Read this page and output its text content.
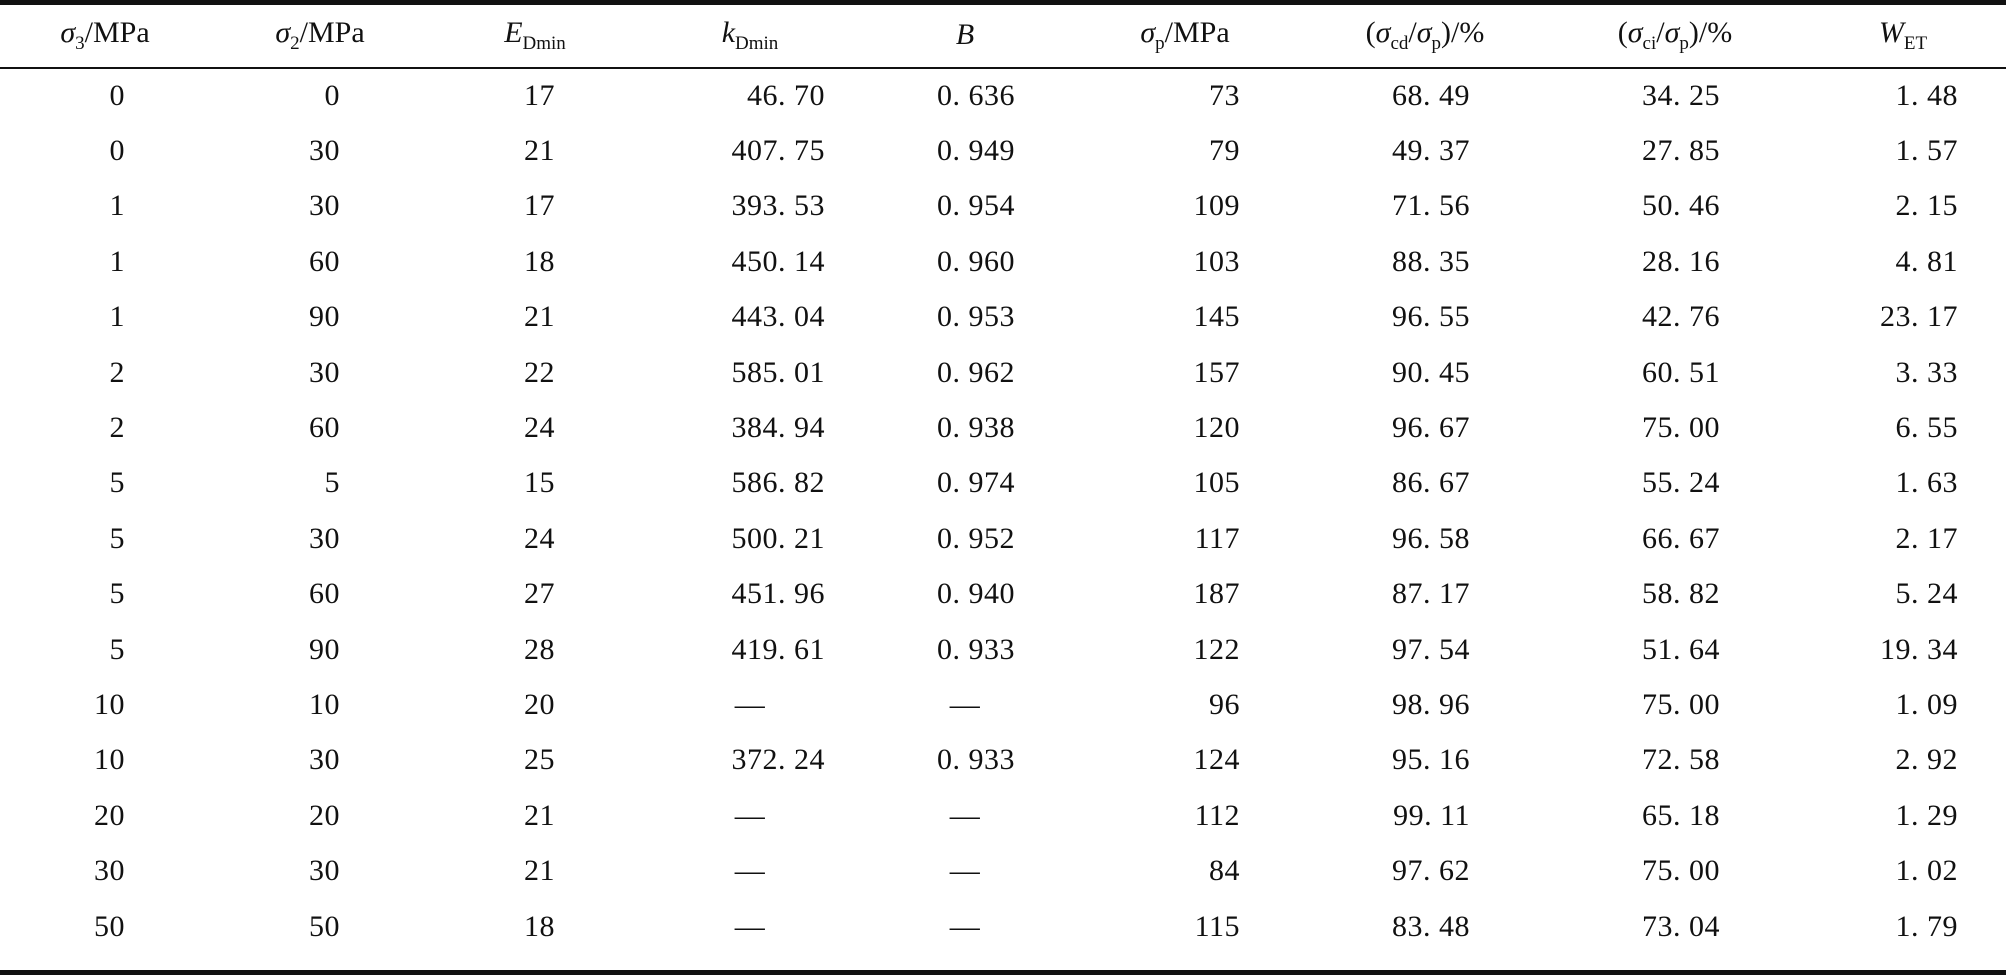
$\sigma_3$/MPa	$\sigma_2$/MPa	$E_{Dmin}$	$k_{Dmin}$	B	$\sigma_p$/MPa	$(\sigma_{cd}/\sigma_p)/\%$	$(\sigma_{ci}/\sigma_p)/\%$	$W_{ET}$
0	0	17	46. 70	0. 636	73	68. 49	34. 25	1. 48
0	30	21	407. 75	0. 949	79	49. 37	27. 85	1. 57
1	30	17	393. 53	0. 954	109	71. 56	50. 46	2. 15
1	60	18	450. 14	0. 960	103	88. 35	28. 16	4. 81
1	90	21	443. 04	0. 953	145	96. 55	42. 76	23. 17
2	30	22	585. 01	0. 962	157	90. 45	60. 51	3. 33
2	60	24	384. 94	0. 938	120	96. 67	75. 00	6. 55
5	5	15	586. 82	0. 974	105	86. 67	55. 24	1. 63
5	30	24	500. 21	0. 952	117	96. 58	66. 67	2. 17
5	60	27	451. 96	0. 940	187	87. 17	58. 82	5. 24
5	90	28	419. 61	0. 933	122	97. 54	51. 64	19. 34
10	10	20	—	—	96	98. 96	75. 00	1. 09
10	30	25	372. 24	0. 933	124	95. 16	72. 58	2. 92
20	20	21	—	—	112	99. 11	65. 18	1. 29
30	30	21	—	—	84	97. 62	75. 00	1. 02
50	50	18	—	—	115	83. 48	73. 04	1. 79
